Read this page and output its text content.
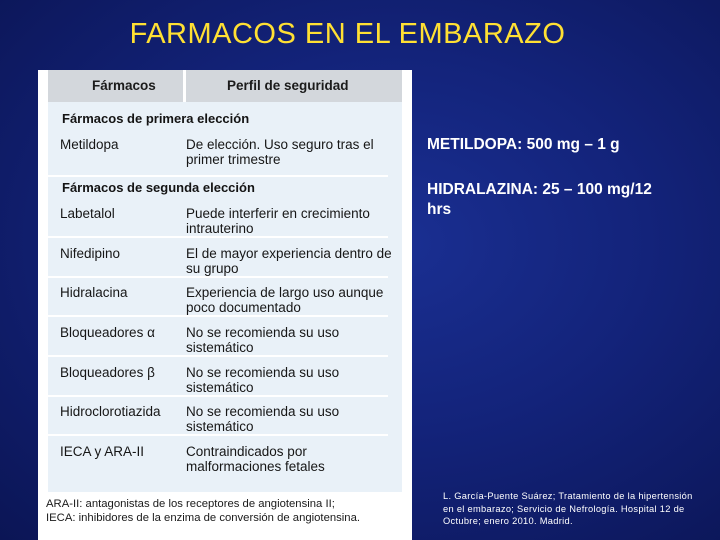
FARMACOS EN EL EMBARAZO
Fármacos	Perfil de seguridad
Fármacos de primera elección
Metildopa	De elección. Uso seguro tras el primer trimestre
Fármacos de segunda elección
Labetalol	Puede interferir en crecimiento intrauterino
Nifedipino	El de mayor experiencia dentro de su grupo
Hidralacina	Experiencia de largo uso aunque poco documentado
Bloqueadores α No se recomienda su uso sistemático
Bloqueadores β No se recomienda su uso sistemático
Hidroclorotiazida No se recomienda su uso sistemático
IECA y ARA-II	Contraindicados por malformaciones fetales
ARA-II: antagonistas de los receptores de angiotensina II;
IECA: inhibidores de la enzima de conversión de angiotensina.
METILDOPA: 500 mg – 1 g
HIDRALAZINA: 25 – 100 mg/12 hrs
L. García-Puente Suárez; Tratamiento de la hipertensión en el embarazo; Servicio de Nefrología. Hospital 12 de Octubre; enero 2010. Madrid.
